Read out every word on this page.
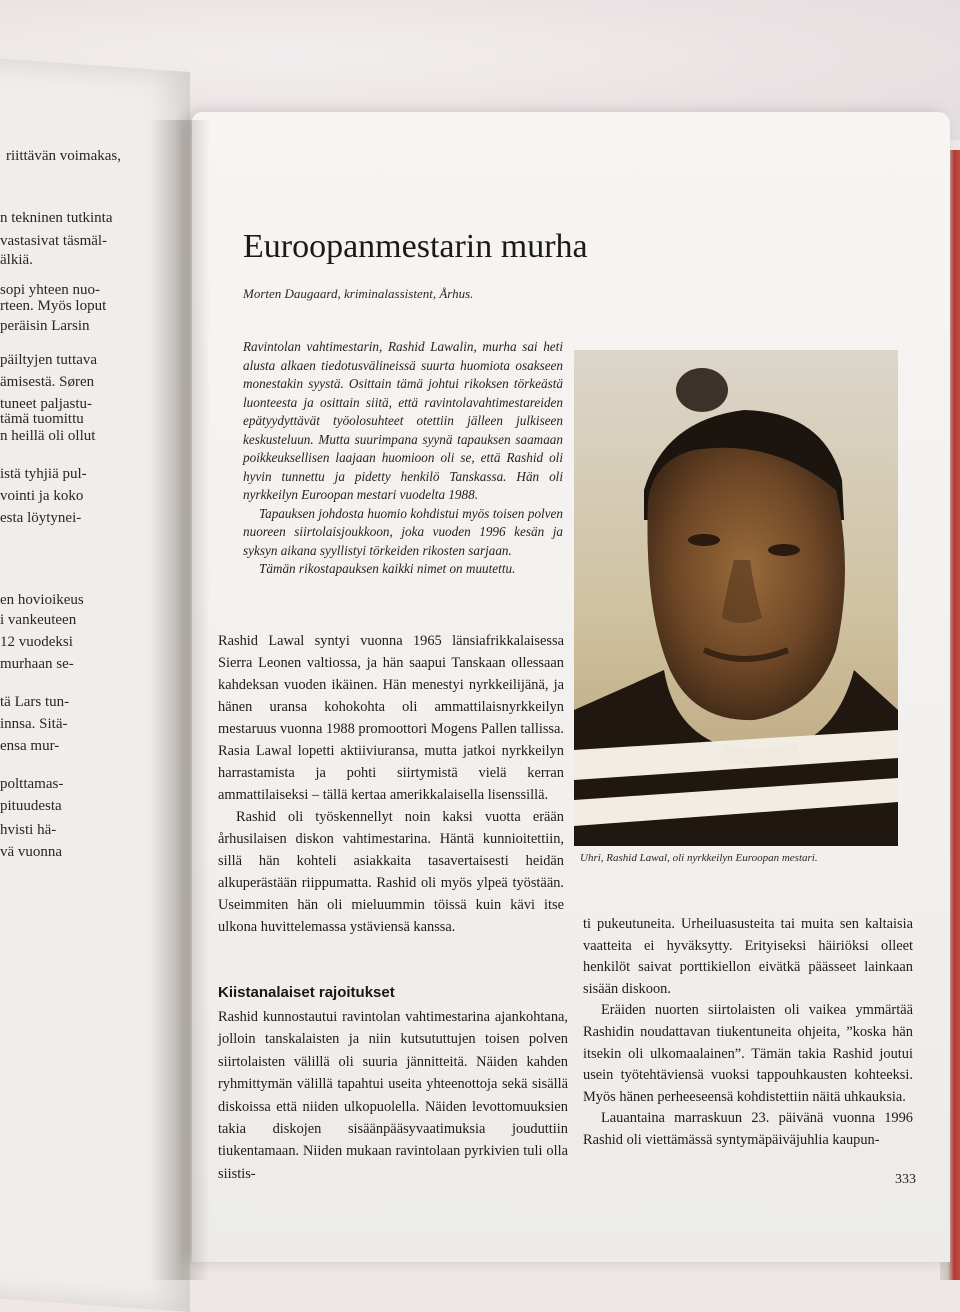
riittävän voimakas,
n tekninen tutkinta
vastasivat täsmäl-
älkiä.
sopi yhteen nuo-
rteen. Myös loput
peräisin Larsin
päiltyjen tuttava
ämisestä. Søren
tuneet paljastu-
tämä tuomittu
n heillä oli ollut
istä tyhjiä pul-
vointi ja koko
esta löytynei-
en hovioikeus
i vankeuteen
12 vuodeksi
murhaan se-
tä Lars tun-
innsa. Sitä-
ensa mur-
polttamas-
pituudesta
hvisti hä-
vä vuonna
Euroopanmestarin murha
Morten Daugaard, kriminalassistent, Århus.

Ravintolan vahtimestarin, Rashid Lawalin, murha sai heti alusta alkaen tiedotusvälineissä suurta huomiota osakseen monestakin syystä. Osittain tämä johtui rikoksen törkeästä luonteesta ja osittain siitä, että ravintolavahtimestareiden epätyydyttävät työolosuhteet otettiin jälleen julkiseen keskusteluun. Mutta suurimpana syynä tapauksen saamaan poikkeuksellisen laajaan huomioon oli se, että Rashid oli hyvin tunnettu ja pidetty henkilö Tanskassa. Hän oli nyrkkeilyn Euroopan mestari vuodelta 1988.

Tapauksen johdosta huomio kohdistui myös toisen polven nuoreen siirtolaisjoukkoon, joka vuoden 1996 kesän ja syksyn aikana syyllistyi törkeiden rikosten sarjaan.

Tämän rikostapauksen kaikki nimet on muutettu.

Rashid Lawal syntyi vuonna 1965 länsiafrikkalaisessa Sierra Leonen valtiossa, ja hän saapui Tanskaan ollessaan kahdeksan vuoden ikäinen. Hän menestyi nyrkkeilijänä, ja hänen uransa kohokohta oli ammattilaisnyrkkeilyn mestaruus vuonna 1988 promoottori Mogens Pallen tallissa. Rasia Lawal lopetti aktiiviuransa, mutta jatkoi nyrkkeilyn harrastamista ja pohti siirtymistä vielä kerran ammattilaiseksi – tällä kertaa amerikkalaisella lisenssillä.

Rashid oli työskennellyt noin kaksi vuotta erään århusilaisen diskon vahtimestarina. Häntä kunnioitettiin, sillä hän kohteli asiakkaita tasavertaisesti heidän alkuperästään riippumatta. Rashid oli myös ylpeä työstään. Useimmiten hän oli mieluummin töissä kuin kävi itse ulkona huvittelemassa ystäviensä kanssa.

Kiistanalaiset rajoitukset

Rashid kunnostautui ravintolan vahtimestarina ajankohtana, jolloin tanskalaisten ja niin kutsututtujen toisen polven siirtolaisten välillä oli suuria jännitteitä. Näiden kahden ryhmittymän välillä tapahtui useita yhteenottoja sekä sisällä diskoissa että niiden ulkopuolella. Näiden levottomuuksien takia diskojen sisäänpääsyvaatimuksia jouduttiin tiukentamaan. Niiden mukaan ravintolaan pyrkivien tuli olla siistis-

Uhri, Rashid Lawal, oli nyrkkeilyn Euroopan mestari.

ti pukeutuneita. Urheiluasusteita tai muita sen kaltaisia vaatteita ei hyväksytty. Erityiseksi häiriöksi olleet henkilöt saivat porttikiellon eivätkä päässeet lainkaan sisään diskoon.

Eräiden nuorten siirtolaisten oli vaikea ymmärtää Rashidin noudattavan tiukentuneita ohjeita, ”koska hän itsekin oli ulkomaalainen”. Tämän takia Rashid joutui usein työtehtäviensä vuoksi tappouhkausten kohteeksi. Myös hänen perheeseensä kohdistettiin näitä uhkauksia.

Lauantaina marraskuun 23. päivänä vuonna 1996 Rashid oli viettämässä syntymäpäiväjuhlia kaupun-

333
